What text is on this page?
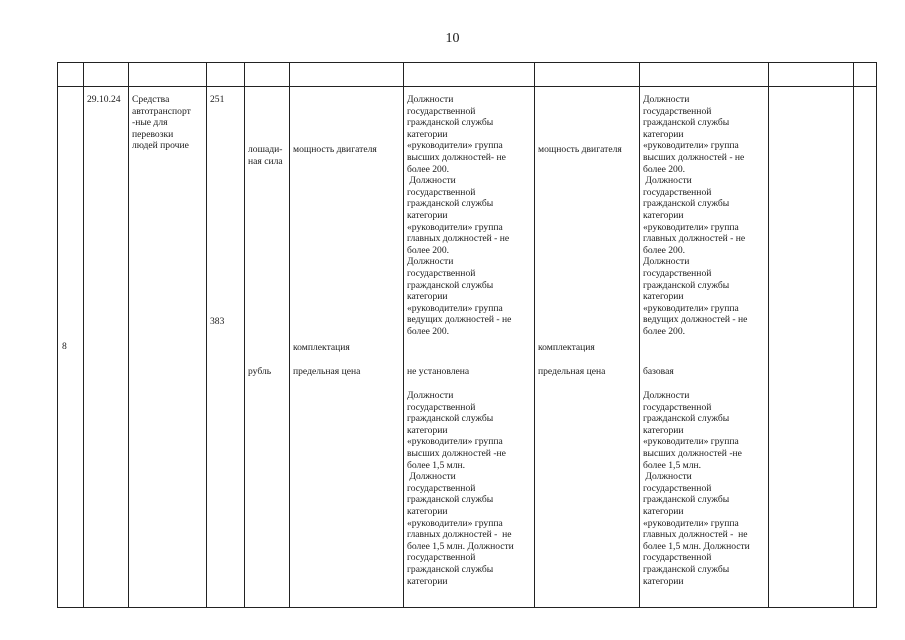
10
8
29.10.24 Средства
автотранспорт
-ные для
перевозки
людей прочие
251
383
лошади-
ная сила
рубль
мощность двигателя
комплектация
предельная цена
Должности
государственной
гражданской службы
категории
«руководители» группа
высших должностей- не
более 200.
Должности
государственной
гражданской службы
категории
«руководители» группа
главных должностей - не
более 200.
Должности
государственной
гражданской службы
категории
«руководители» группа
ведущих должностей - не
более 200.
не установлена
Должности
государственной
гражданской службы
категории
«руководители» группа
высших должностей -не
более 1,5 млн.
Должности
государственной
гражданской службы
категории
«руководители» группа
главных должностей -  не
более 1,5 млн. Должности
государственной
гражданской службы
категории
мощность двигателя
комплектация
предельная цена
Должности
государственной
гражданской службы
категории
«руководители» группа
высших должностей - не
более 200.
Должности
государственной
гражданской службы
категории
«руководители» группа
главных должностей - не
более 200.
Должности
государственной
гражданской службы
категории
«руководители» группа
ведущих должностей - не
более 200.
базовая
Должности
государственной
гражданской службы
категории
«руководители» группа
высших должностей -не
более 1,5 млн.
Должности
государственной
гражданской службы
категории
«руководители» группа
главных должностей -  не
более 1,5 млн. Должности
государственной
гражданской службы
категории
